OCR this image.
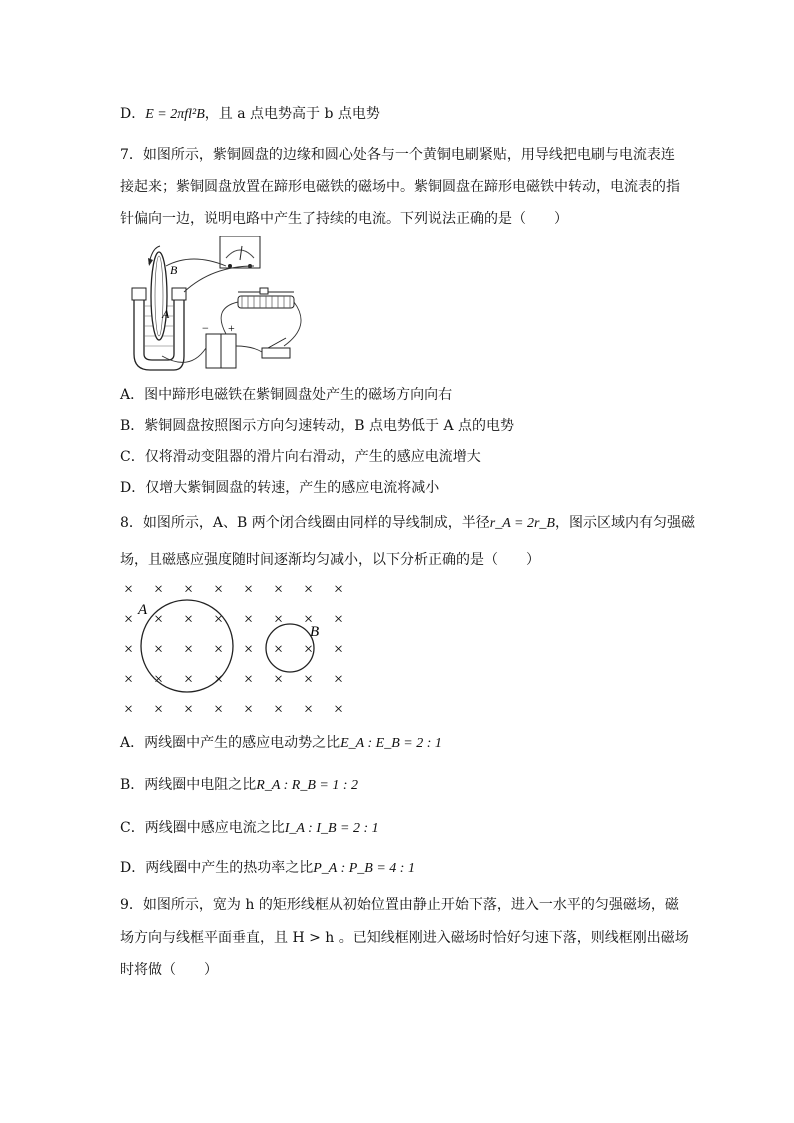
D．E = 2πfl²B，且 a 点电势高于 b 点电势
7．如图所示，紫铜圆盘的边缘和圆心处各与一个黄铜电刷紧贴，用导线把电刷与电流表连
接起来；紫铜圆盘放置在蹄形电磁铁的磁场中。紫铜圆盘在蹄形电磁铁中转动，电流表的指
针偏向一边，说明电路中产生了持续的电流。下列说法正确的是（　　）
B
A
− +
A．图中蹄形电磁铁在紫铜圆盘处产生的磁场方向向右
B．紫铜圆盘按照图示方向匀速转动，B 点电势低于 A 点的电势
C．仅将滑动变阻器的滑片向右滑动，产生的感应电流增大
D．仅增大紫铜圆盘的转速，产生的感应电流将减小
8．如图所示，A、B 两个闭合线圈由同样的导线制成，半径r_A = 2r_B，图示区域内有匀强磁
场，且磁感应强度随时间逐渐均匀减小，以下分析正确的是（　　）
× × × × × × × ×
× × × × × × × ×
× × × × × × × ×
× × × × × × × ×
× × × × × × × ×
A
B
A．两线圈中产生的感应电动势之比E_A : E_B = 2 : 1
B．两线圈中电阻之比R_A : R_B = 1 : 2
C．两线圈中感应电流之比I_A : I_B = 2 : 1
D．两线圈中产生的热功率之比P_A : P_B = 4 : 1
9．如图所示，宽为 h 的矩形线框从初始位置由静止开始下落，进入一水平的匀强磁场，磁
场方向与线框平面垂直，且 H > h 。已知线框刚进入磁场时恰好匀速下落，则线框刚出磁场
时将做（　　）
